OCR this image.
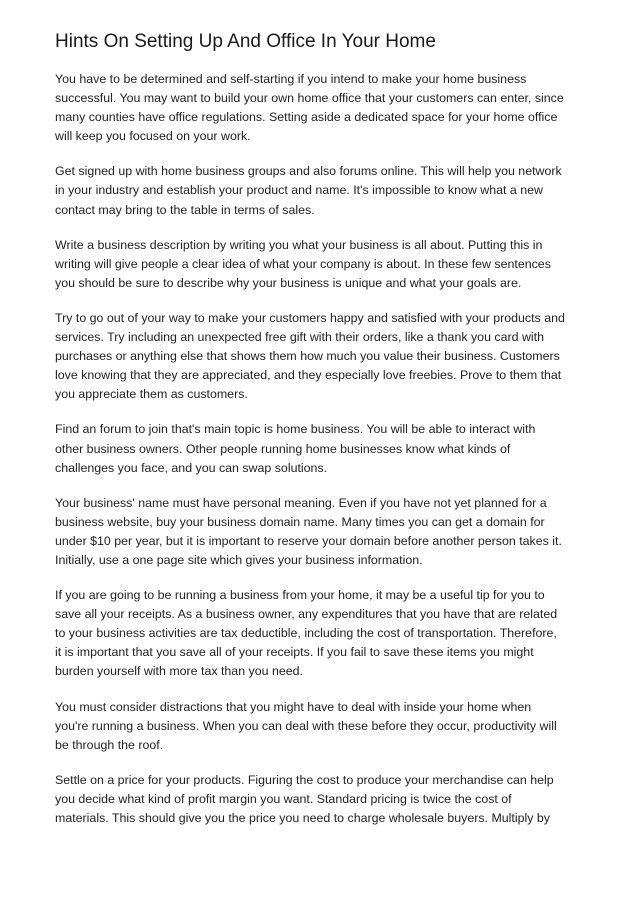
Hints On Setting Up And Office In Your Home

You have to be determined and self-starting if you intend to make your home business
successful. You may want to build your own home office that your customers can enter, since
many counties have office regulations. Setting aside a dedicated space for your home office
will keep you focused on your work.

Get signed up with home business groups and also forums online. This will help you network
in your industry and establish your product and name. It's impossible to know what a new
contact may bring to the table in terms of sales.

Write a business description by writing you what your business is all about. Putting this in
writing will give people a clear idea of what your company is about. In these few sentences
you should be sure to describe why your business is unique and what your goals are.

Try to go out of your way to make your customers happy and satisfied with your products and
services. Try including an unexpected free gift with their orders, like a thank you card with
purchases or anything else that shows them how much you value their business. Customers
love knowing that they are appreciated, and they especially love freebies. Prove to them that
you appreciate them as customers.

Find an forum to join that's main topic is home business. You will be able to interact with
other business owners. Other people running home businesses know what kinds of
challenges you face, and you can swap solutions.

Your business' name must have personal meaning. Even if you have not yet planned for a
business website, buy your business domain name. Many times you can get a domain for
under $10 per year, but it is important to reserve your domain before another person takes it.
Initially, use a one page site which gives your business information.

If you are going to be running a business from your home, it may be a useful tip for you to
save all your receipts. As a business owner, any expenditures that you have that are related
to your business activities are tax deductible, including the cost of transportation. Therefore,
it is important that you save all of your receipts. If you fail to save these items you might
burden yourself with more tax than you need.

You must consider distractions that you might have to deal with inside your home when
you're running a business. When you can deal with these before they occur, productivity will
be through the roof.

Settle on a price for your products. Figuring the cost to produce your merchandise can help
you decide what kind of profit margin you want. Standard pricing is twice the cost of
materials. This should give you the price you need to charge wholesale buyers. Multiply by
